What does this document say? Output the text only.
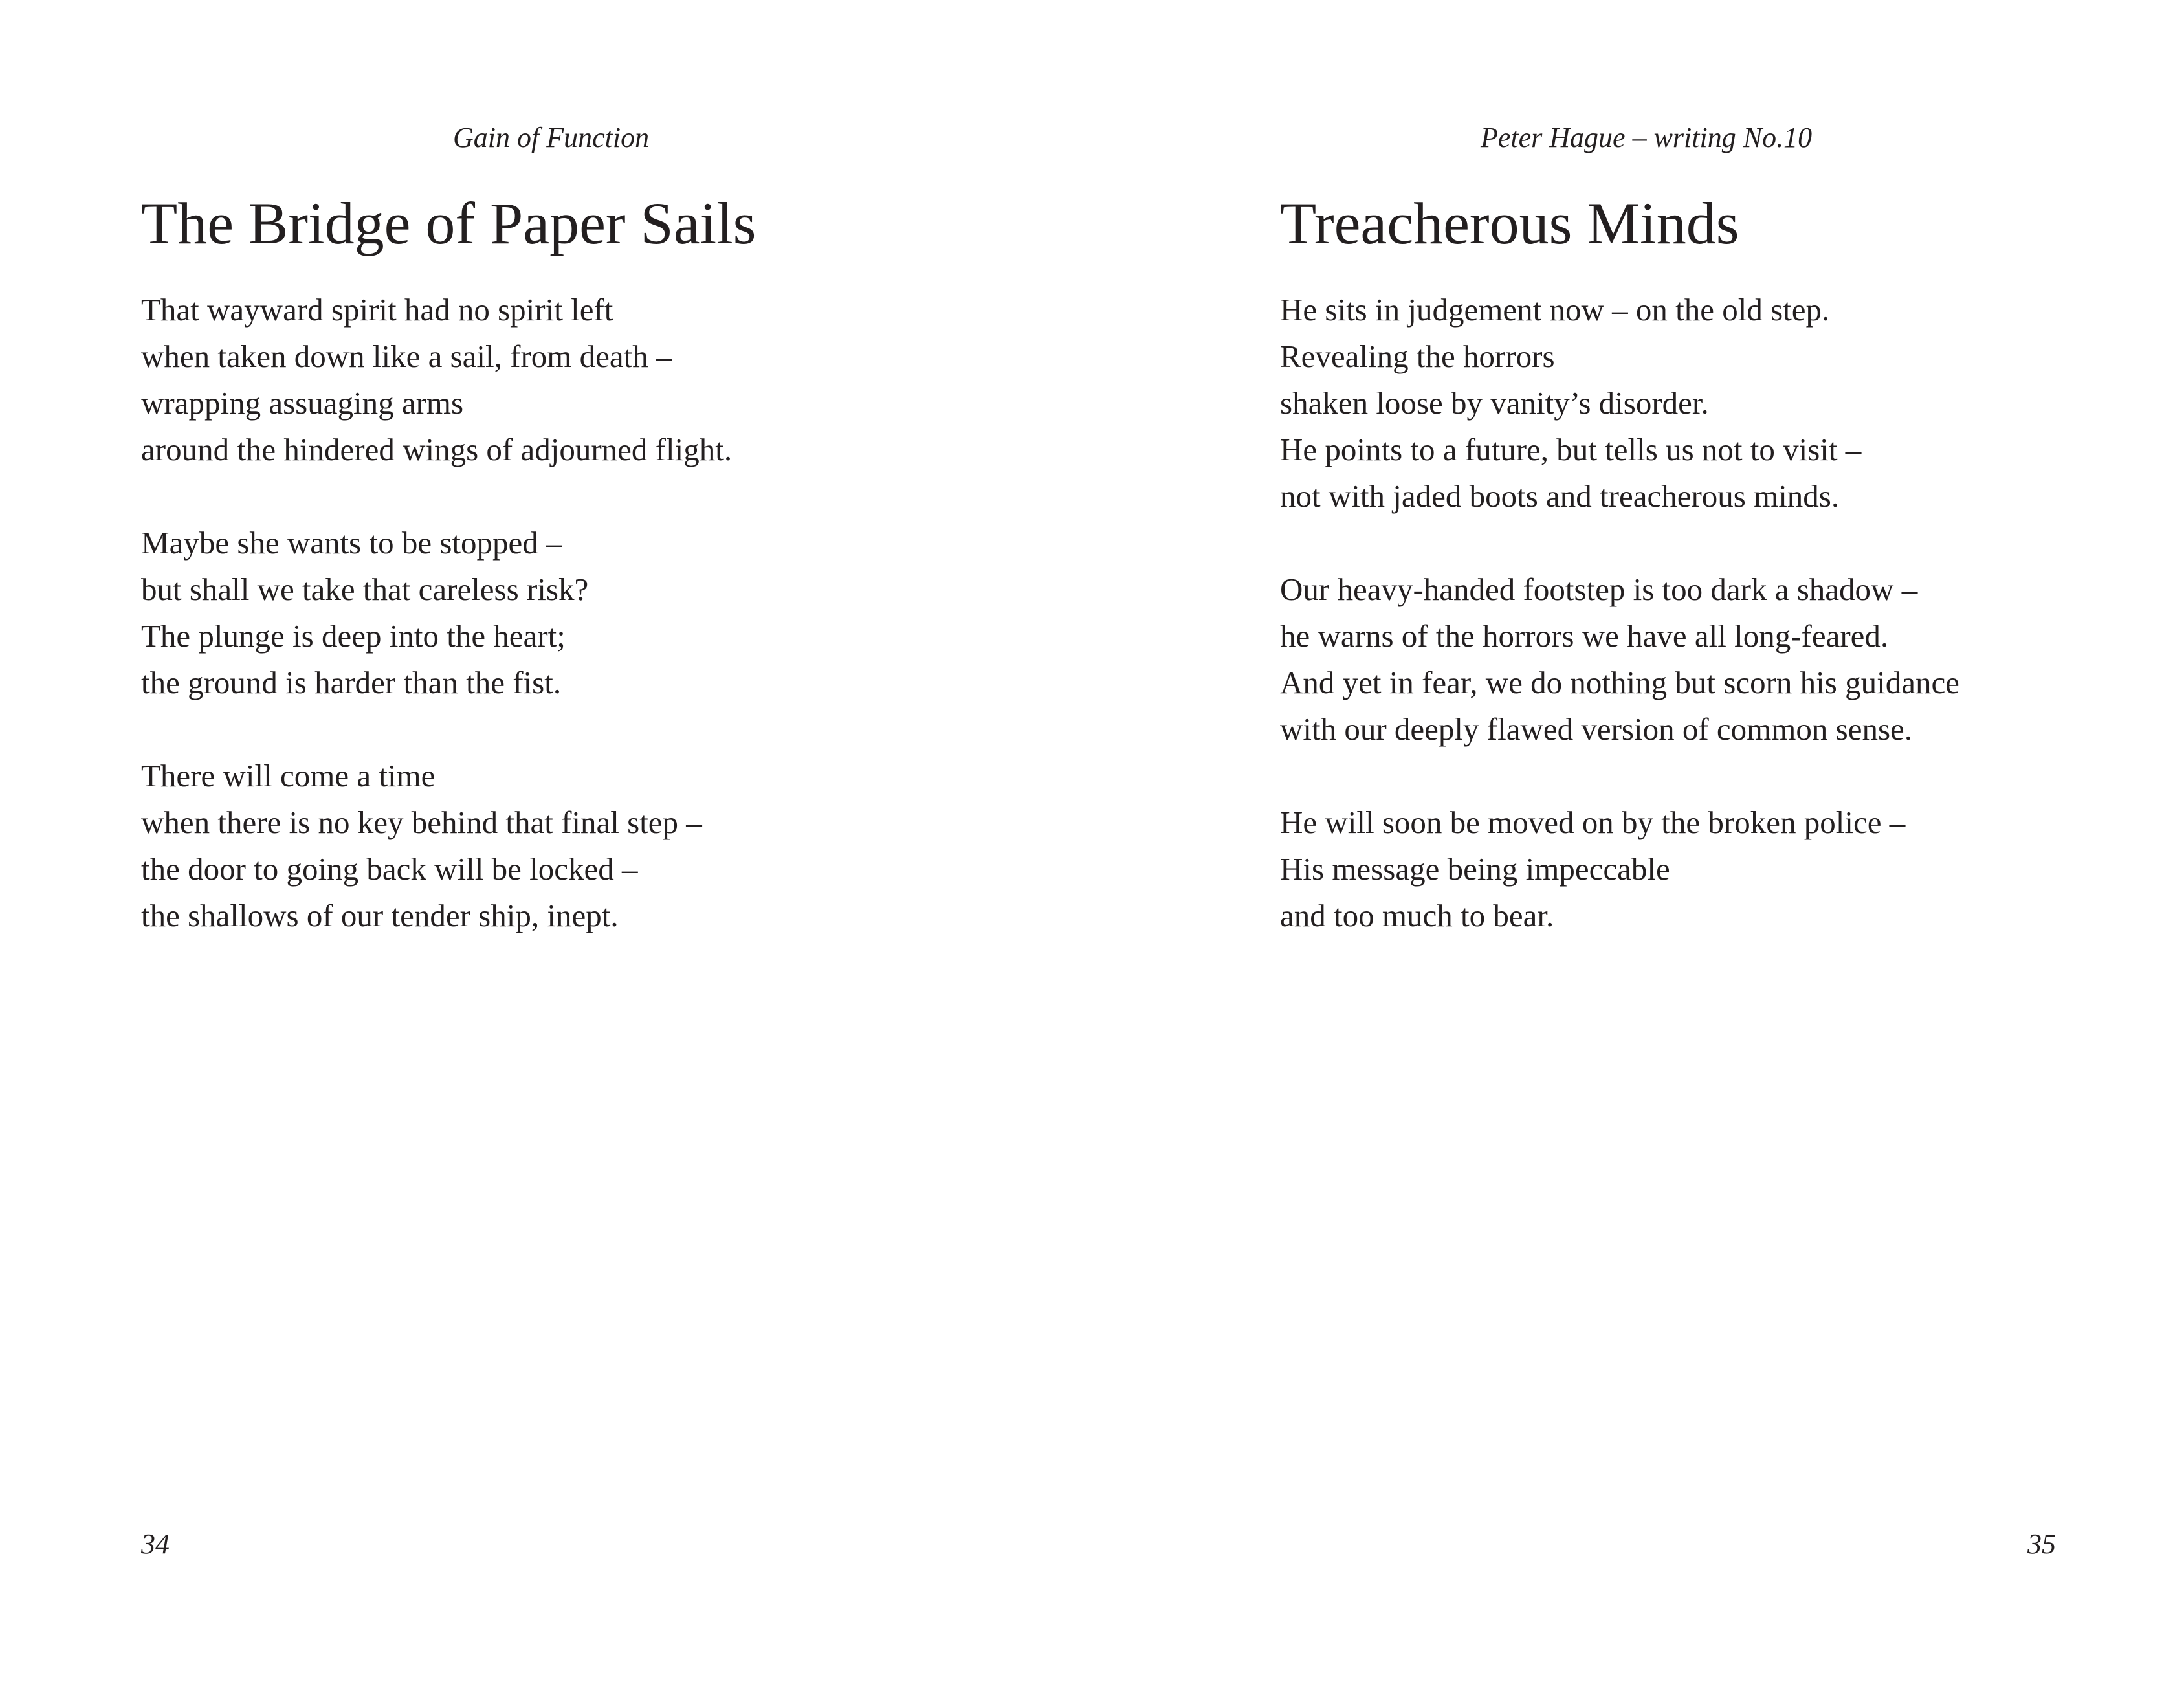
Gain of Function
The Bridge of Paper Sails

That wayward spirit had no spirit left
when taken down like a sail, from death –
wrapping assuaging arms
around the hindered wings of adjourned flight.

Maybe she wants to be stopped –
but shall we take that careless risk?
The plunge is deep into the heart;
the ground is harder than the fist.

There will come a time
when there is no key behind that final step –
the door to going back will be locked –
the shallows of our tender ship, inept.

34
Peter Hague – writing No.10
Treacherous Minds

He sits in judgement now – on the old step.
Revealing the horrors
shaken loose by vanity’s disorder.
He points to a future, but tells us not to visit –
not with jaded boots and treacherous minds.

Our heavy-handed footstep is too dark a shadow –
he warns of the horrors we have all long-feared.
And yet in fear, we do nothing but scorn his guidance
with our deeply flawed version of common sense.

He will soon be moved on by the broken police –
His message being impeccable
and too much to bear.

35
